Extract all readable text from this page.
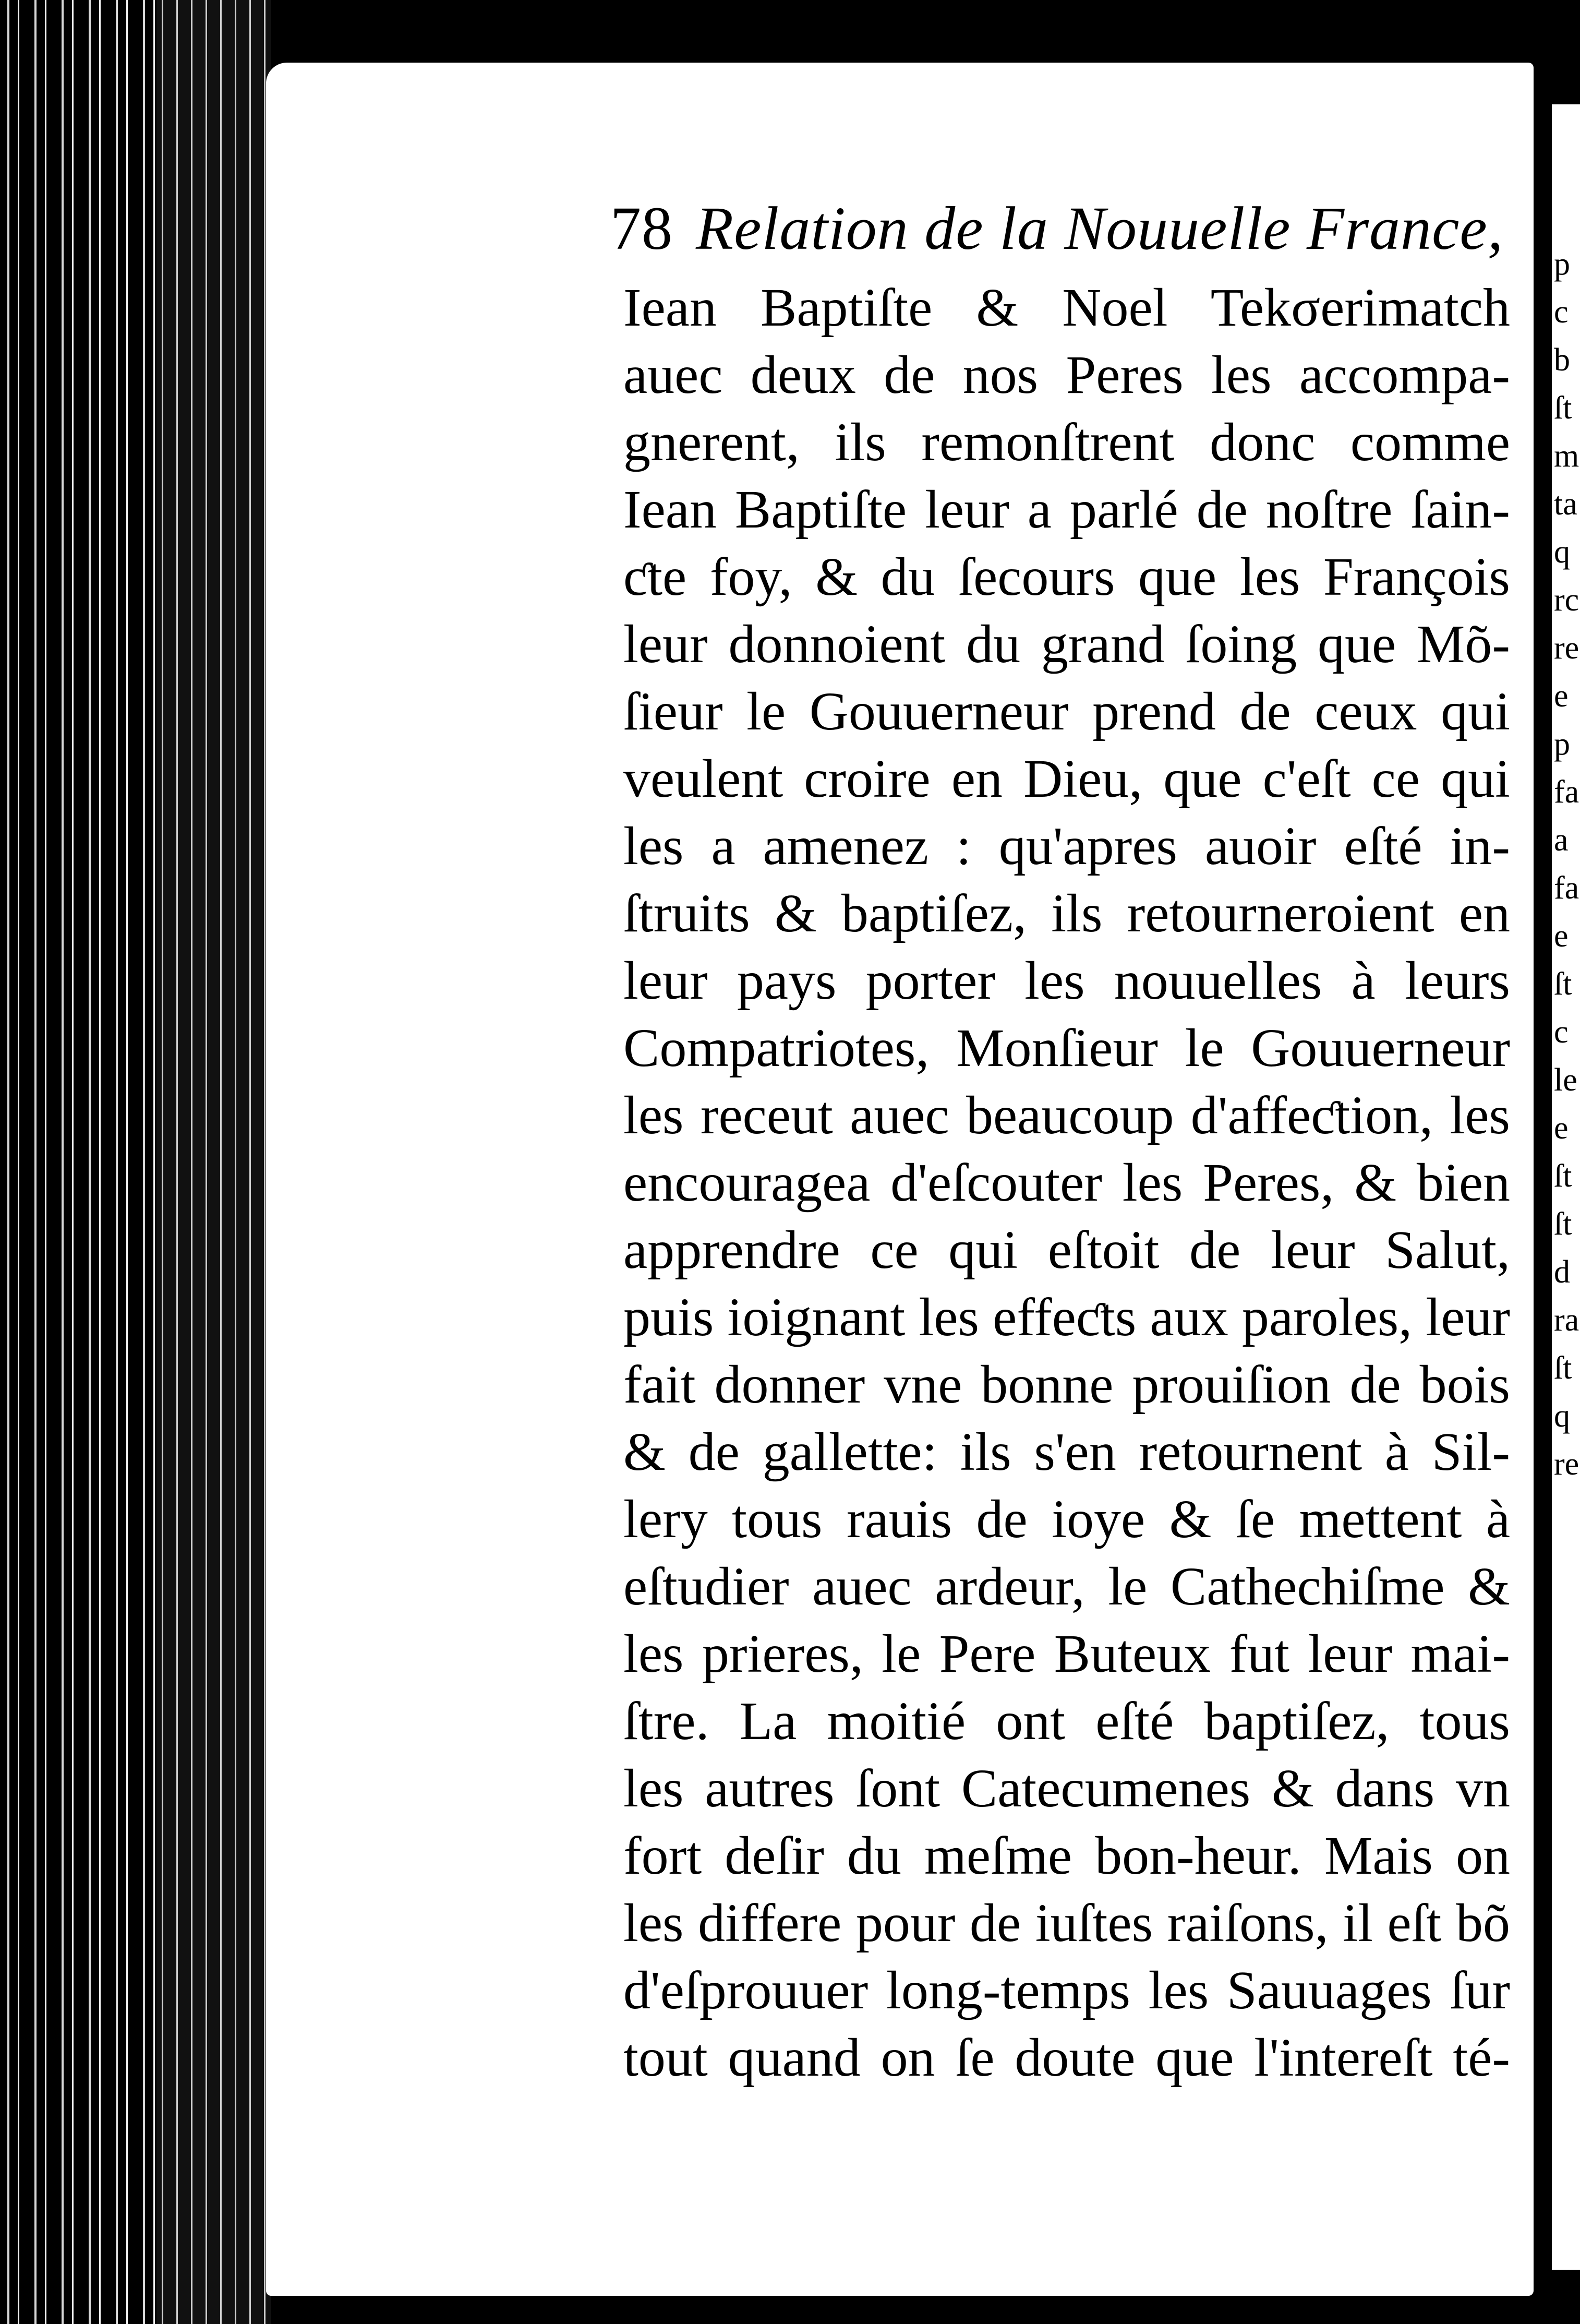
p
c
b
ſt
m
ta
q
rc
re
e
p
fa
a
fa
e
ſt
c
le
e
ſt
ſt
d
ra
ſt
q
re
78 Relation de la Nouuelle France,
Iean Baptiſte & Noel Tekσerimatch
auec deux de nos Peres les accompa-
gnerent, ils remonſtrent donc comme
Iean Baptiſte leur a parlé de noſtre ſain-
ƈte foy, & du ſecours que les François
leur donnoient du grand ſoing que Mõ-
ſieur le Gouuerneur prend de ceux qui
veulent croire en Dieu, que c'eſt ce qui
les a amenez : qu'apres auoir eſté in-
ſtruits & baptiſez, ils retourneroient en
leur pays porter les nouuelles à leurs
Compatriotes, Monſieur le Gouuerneur
les receut auec beaucoup d'affeƈtion, les
encouragea d'eſcouter les Peres, & bien
apprendre ce qui eſtoit de leur Salut,
puis ioignant les effeƈts aux paroles, leur
fait donner vne bonne prouiſion de bois
& de gallette: ils s'en retournent à Sil-
lery tous rauis de ioye & ſe mettent à
eſtudier auec ardeur, le Cathechiſme &
les prieres, le Pere Buteux fut leur mai-
ſtre. La moitié ont eſté baptiſez, tous
les autres ſont Catecumenes & dans vn
fort deſir du meſme bon-heur. Mais on
les differe pour de iuſtes raiſons, il eſt bõ
d'eſprouuer long-temps les Sauuages ſur
tout quand on ſe doute que l'intereſt té-
